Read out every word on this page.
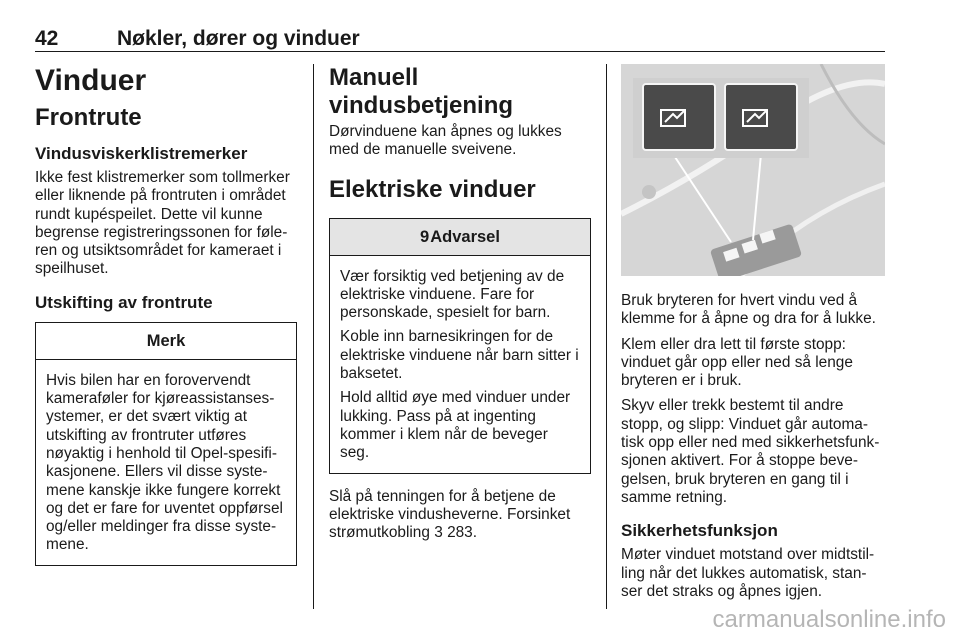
42	Nøkler, dører og vinduer
Vinduer
Frontrute
Vindusviskerklistremerker

Ikke fest klistremerker som tollmerker eller liknende på frontruten i området rundt kupéspeilet. Dette vil kunne begrense registreringssonen for føle-ren og utsiktsområdet for kameraet i speilhuset.

Utskifting av frontrute
Merk

Hvis bilen har en forovervendt kameraføler for kjøreassistanses-ystemer, er det svært viktig at utskifting av frontruter utføres nøyaktig i henhold til Opel-spesifi-kasjonene. Ellers vil disse syste-mene kanskje ikke fungere korrekt og det er fare for uventet oppførsel og/eller meldinger fra disse syste-mene.

Manuell vindusbetjening

Dørvinduene kan åpnes og lukkes med de manuelle sveivene.

Elektriske vinduer
9Advarsel

Vær forsiktig ved betjening av de elektriske vinduene. Fare for personskade, spesielt for barn.

Koble inn barnesikringen for de elektriske vinduene når barn sitter i baksetet.

Hold alltid øye med vinduer under lukking. Pass på at ingenting kommer i klem når de beveger seg.

Slå på tenningen for å betjene de elektriske vindusheverne. Forsinket strømutkobling 3 283.

Bruk bryteren for hvert vindu ved å klemme for å åpne og dra for å lukke.

Klem eller dra lett til første stopp: vinduet går opp eller ned så lenge bryteren er i bruk.

Skyv eller trekk bestemt til andre stopp, og slipp: Vinduet går automa-tisk opp eller ned med sikkerhetsfunk-sjonen aktivert. For å stoppe beve-gelsen, bruk bryteren en gang til i samme retning.

Sikkerhetsfunksjon

Møter vinduet motstand over midtstil-ling når det lukkes automatisk, stan-ser det straks og åpnes igjen.

carmanualsonline.info
